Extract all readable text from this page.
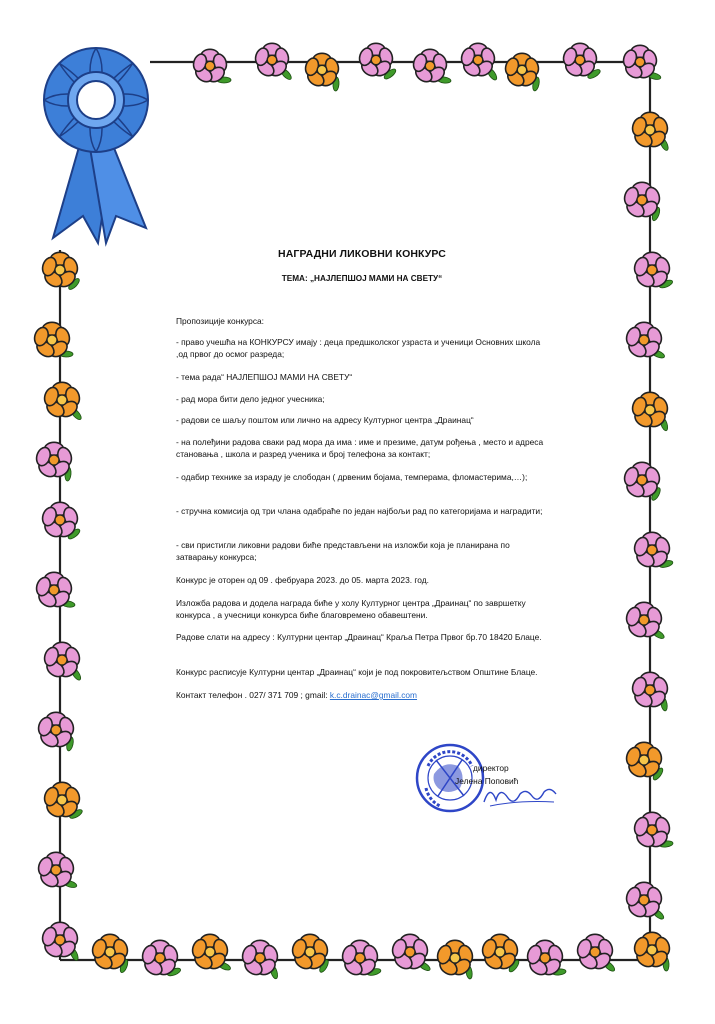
НАГРАДНИ ЛИКОВНИ КОНКУРС
ТЕМА: „НАЈЛЕПШОЈ МАМИ НА СВЕТУ“

Пропозиције конкурса:

- право учешћа на КОНКУРСУ имају : деца предшколског узраста и ученици Основних школа ,од првог до осмог разреда;

- тема рада“ НАЈЛЕПШОЈ МАМИ НА СВЕТУ“

- рад мора бити дело једног учесника;

- радови се шаљу поштом или лично на адресу Културног центра „Драинац“

- на полеђини радова сваки рад мора да има : име и презиме, датум рођења , место и адреса становања , школа и разред ученика и број телефона за контакт;

- одабир технике за израду је слободан ( дрвеним бојама, темперама, фломастерима,…);

- стручна комисија од три члана одабраће по један најбољи рад по категоријама и наградити;

- сви пристигли ликовни радови биће представљени на изложби која је планирана по затварању конкурса;

Конкурс је оторен од 09 . фебруара 2023. до 05. марта 2023. год.

Изложба радова и додела награда биће у холу Културног центра „Драинац“ по завршетку конкурса , а учесници конкурса биће благовремено обавештени.

Радове слати на адресу : Културни центар „Драинац“ Краља Петра Првог бр.70 18420 Блаце.

Конкурс расписује Културни центар „Драинац“ који је под покровитељством Општине Блаце.

Контакт телефон . 027/ 371 709 ; gmail: k.c.drainac@gmail.com

директор
Јелена Поповић
